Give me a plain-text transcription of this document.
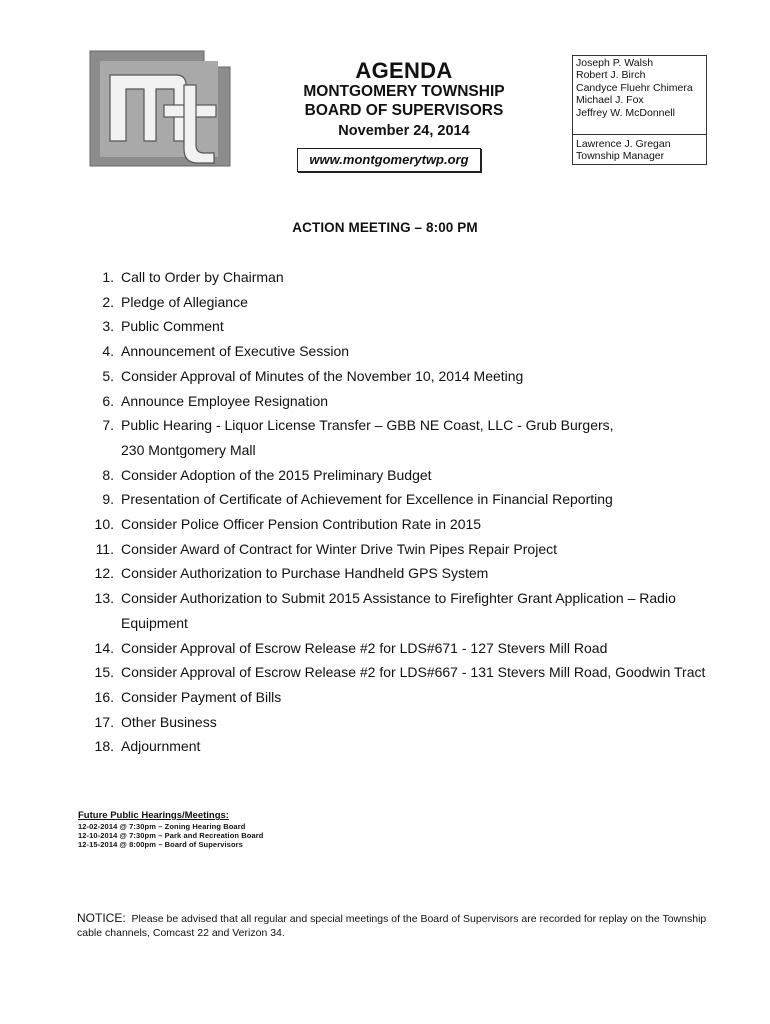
AGENDA
MONTGOMERY TOWNSHIP
BOARD OF SUPERVISORS
November 24, 2014
www.montgomerytwp.org
Joseph P. Walsh
Robert J. Birch
Candyce Fluehr Chimera
Michael J. Fox
Jeffrey W. McDonnell
Lawrence J. Gregan
Township Manager
ACTION MEETING – 8:00 PM
1. Call to Order by Chairman
2. Pledge of Allegiance
3. Public Comment
4. Announcement of Executive Session
5. Consider Approval of Minutes of the November 10, 2014 Meeting
6. Announce Employee Resignation
7. Public Hearing - Liquor License Transfer – GBB NE Coast, LLC - Grub Burgers,
230 Montgomery Mall
8. Consider Adoption of the 2015 Preliminary Budget
9. Presentation of Certificate of Achievement for Excellence in Financial Reporting
10. Consider Police Officer Pension Contribution Rate in 2015
11. Consider Award of Contract for Winter Drive Twin Pipes Repair Project
12. Consider Authorization to Purchase Handheld GPS System
13. Consider Authorization to Submit 2015 Assistance to Firefighter Grant Application – Radio
Equipment
14. Consider Approval of Escrow Release #2 for LDS#671 - 127 Stevers Mill Road
15. Consider Approval of Escrow Release #2 for LDS#667 - 131 Stevers Mill Road, Goodwin Tract
16. Consider Payment of Bills
17. Other Business
18. Adjournment
Future Public Hearings/Meetings:
12-02-2014 @ 7:30pm – Zoning Hearing Board
12-10-2014 @ 7:30pm – Park and Recreation Board
12-15-2014 @ 8:00pm – Board of Supervisors
NOTICE: Please be advised that all regular and special meetings of the Board of Supervisors are recorded for replay on the Township cable channels, Comcast 22 and Verizon 34.
